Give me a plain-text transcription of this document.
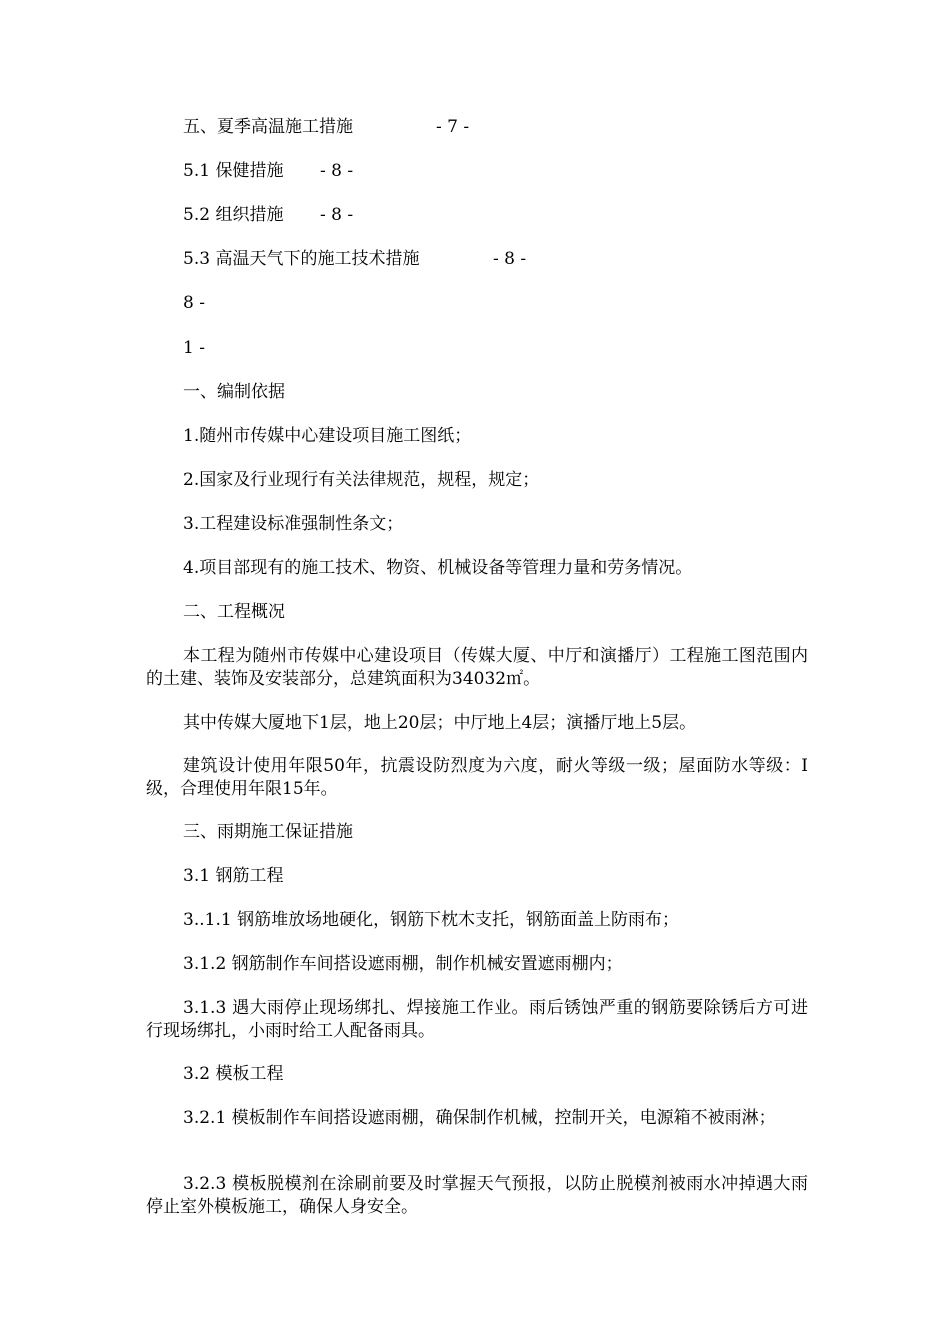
五、夏季高温施工措施	- 7 -
5.1 保健措施 - 8 -
5.2 组织措施 - 8 -
5.3 高温天气下的施工技术措施	- 8 -
8 -
1 -
一、编制依据
1.随州市传媒中心建设项目施工图纸；
2.国家及行业现行有关法律规范，规程，规定；
3.工程建设标准强制性条文；
4.项目部现有的施工技术、物资、机械设备等管理力量和劳务情况。
二、工程概况
本工程为随州市传媒中心建设项目（传媒大厦、中厅和演播厅）工程施工图范围内的土建、装饰及安装部分，总建筑面积为34032㎡。
其中传媒大厦地下1层，地上20层；中厅地上4层；演播厅地上5层。
建筑设计使用年限50年，抗震设防烈度为六度，耐火等级一级；屋面防水等级：I级，合理使用年限15年。
三、雨期施工保证措施
3.1 钢筋工程
3..1.1 钢筋堆放场地硬化，钢筋下枕木支托，钢筋面盖上防雨布；
3.1.2 钢筋制作车间搭设遮雨棚，制作机械安置遮雨棚内；
3.1.3 遇大雨停止现场绑扎、焊接施工作业。雨后锈蚀严重的钢筋要除锈后方可进行现场绑扎，小雨时给工人配备雨具。
3.2 模板工程
3.2.1 模板制作车间搭设遮雨棚，确保制作机械，控制开关，电源箱不被雨淋；
3.2.3 模板脱模剂在涂刷前要及时掌握天气预报，以防止脱模剂被雨水冲掉遇大雨停止室外模板施工，确保人身安全。
